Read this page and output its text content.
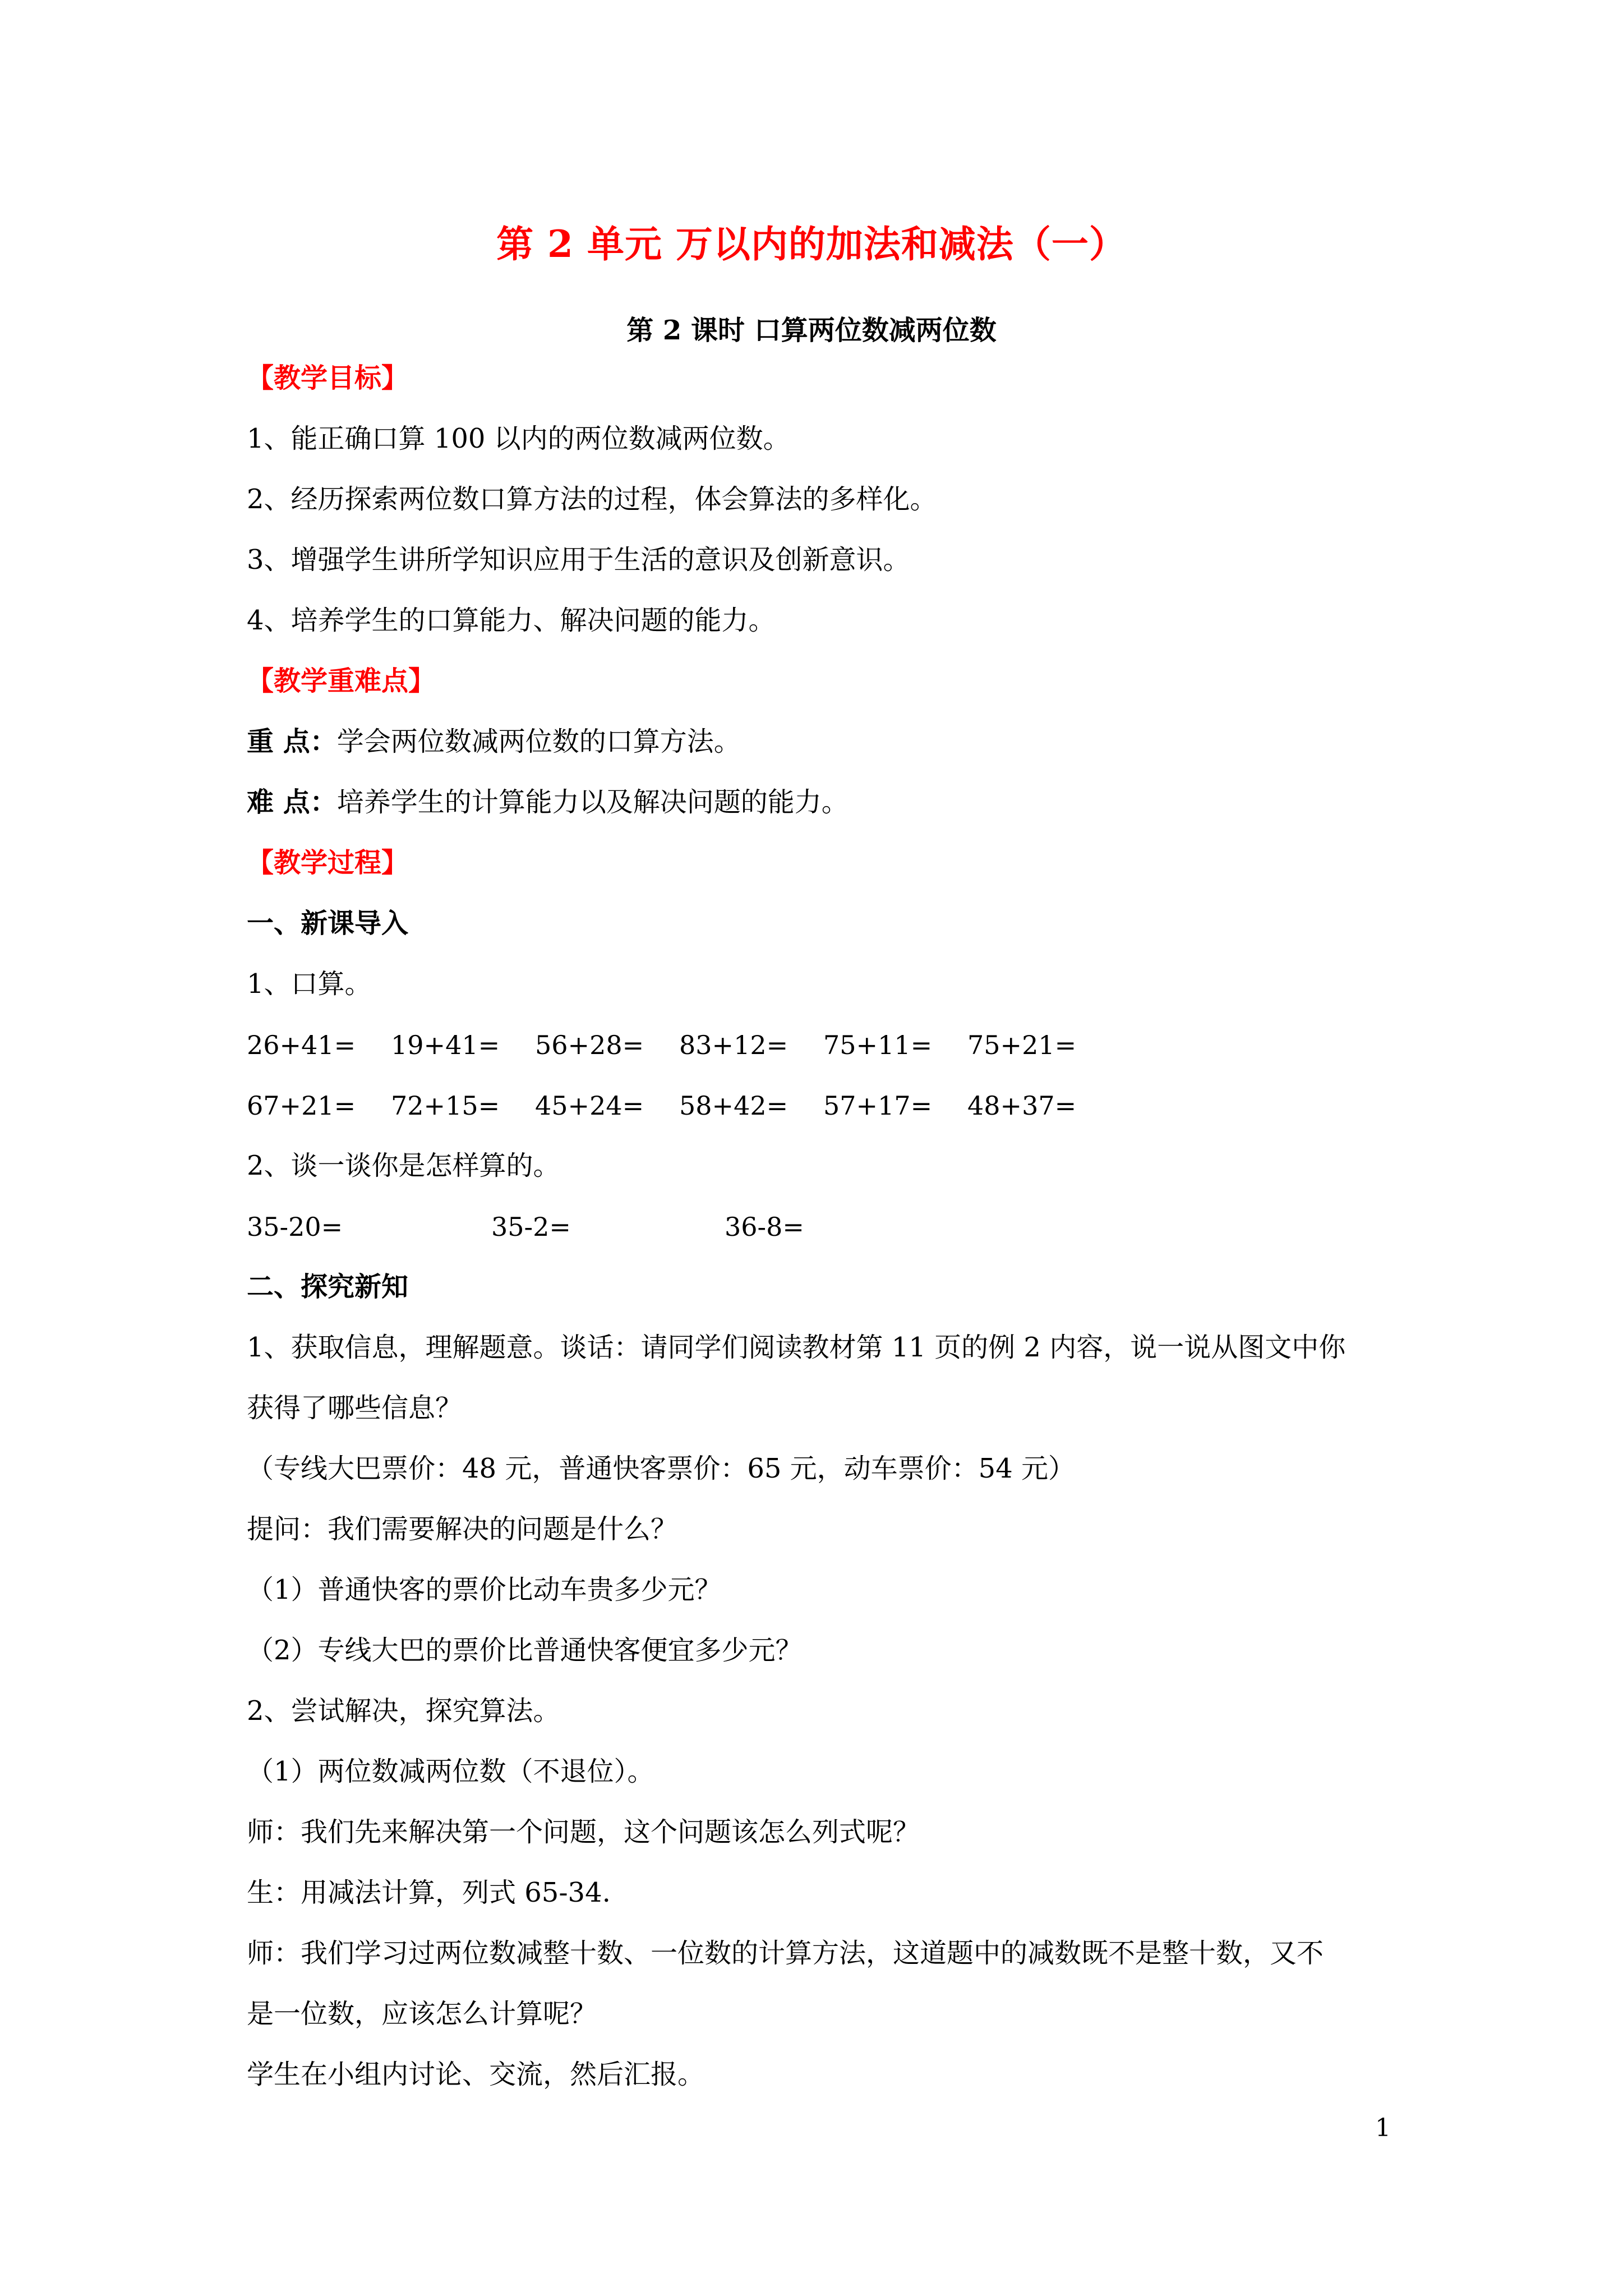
第 2 单元 万以内的加法和减法（一）
第 2 课时 口算两位数减两位数
【教学目标】
1、能正确口算 100 以内的两位数减两位数。
2、经历探索两位数口算方法的过程，体会算法的多样化。
3、增强学生讲所学知识应用于生活的意识及创新意识。
4、培养学生的口算能力、解决问题的能力。
【教学重难点】
重 点：学会两位数减两位数的口算方法。
难 点：培养学生的计算能力以及解决问题的能力。
【教学过程】
一、新课导入
1、口算。
26+41= 19+41= 56+28= 83+12= 75+11= 75+21=
67+21= 72+15= 45+24= 58+42= 57+17= 48+37=
2、谈一谈你是怎样算的。
35-20=	35-2=	36-8=
二、探究新知
1、获取信息，理解题意。谈话：请同学们阅读教材第 11 页的例 2 内容，说一说从图文中你
获得了哪些信息？
（专线大巴票价：48 元，普通快客票价：65 元，动车票价：54 元）
提问：我们需要解决的问题是什么？
（1）普通快客的票价比动车贵多少元？
（2）专线大巴的票价比普通快客便宜多少元？
2、尝试解决，探究算法。
（1）两位数减两位数（不退位）。
师：我们先来解决第一个问题，这个问题该怎么列式呢？
生：用减法计算，列式 65-34.
师：我们学习过两位数减整十数、一位数的计算方法，这道题中的减数既不是整十数，又不
是一位数，应该怎么计算呢？
学生在小组内讨论、交流，然后汇报。
1
